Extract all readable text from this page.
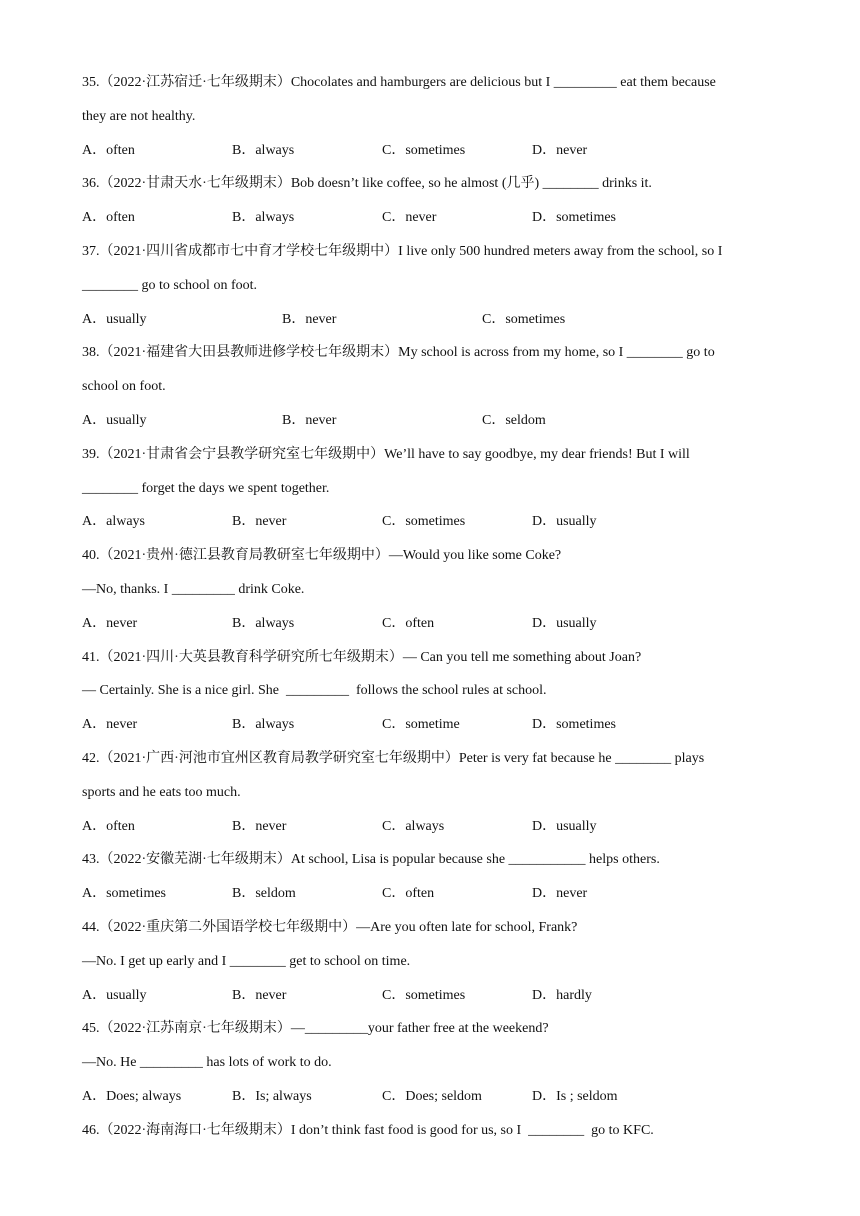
35.（2022·江苏宿迁·七年级期末）Chocolates and hamburgers are delicious but I _________ eat them because
they are not healthy.
A．often	B．always	C．sometimes	D．never
36.（2022·甘肃天水·七年级期末）Bob doesn’t like coffee, so he almost (几乎) ________ drinks it.
A．often	B．always	C．never	D．sometimes
37.（2021·四川省成都市七中育才学校七年级期中）I live only 500 hundred meters away from the school, so I
________ go to school on foot.
A．usually	B．never	C．sometimes
38.（2021·福建省大田县教师进修学校七年级期末）My school is across from my home, so I ________ go to
school on foot.
A．usually	B．never	C．seldom
39.（2021·甘肃省会宁县教学研究室七年级期中）We’ll have to say goodbye, my dear friends! But I will
________ forget the days we spent together.
A．always	B．never	C．sometimes	D．usually
40.（2021·贵州·德江县教育局教研室七年级期中）—Would you like some Coke?
—No, thanks. I _________ drink Coke.
A．never	B．always	C．often	D．usually
41.（2021·四川·大英县教育科学研究所七年级期末）— Can you tell me something about Joan?
— Certainly. She is a nice girl. She  _________  follows the school rules at school.
A．never	B．always	C．sometime	D．sometimes
42.（2021·广西·河池市宜州区教育局教学研究室七年级期中）Peter is very fat because he ________ plays
sports and he eats too much.
A．often	B．never	C．always	D．usually
43.（2022·安徽芜湖·七年级期末）At school, Lisa is popular because she ___________ helps others.
A．sometimes	B．seldom	C．often	D．never
44.（2022·重庆第二外国语学校七年级期中）—Are you often late for school, Frank?
—No. I get up early and I ________ get to school on time.
A．usually	B．never	C．sometimes	D．hardly
45.（2022·江苏南京·七年级期末）—_________your father free at the weekend?
—No. He _________ has lots of work to do.
A．Does; always	B．Is; always	C．Does; seldom	D．Is ; seldom
46.（2022·海南海口·七年级期末）I don’t think fast food is good for us, so I  ________  go to KFC.
